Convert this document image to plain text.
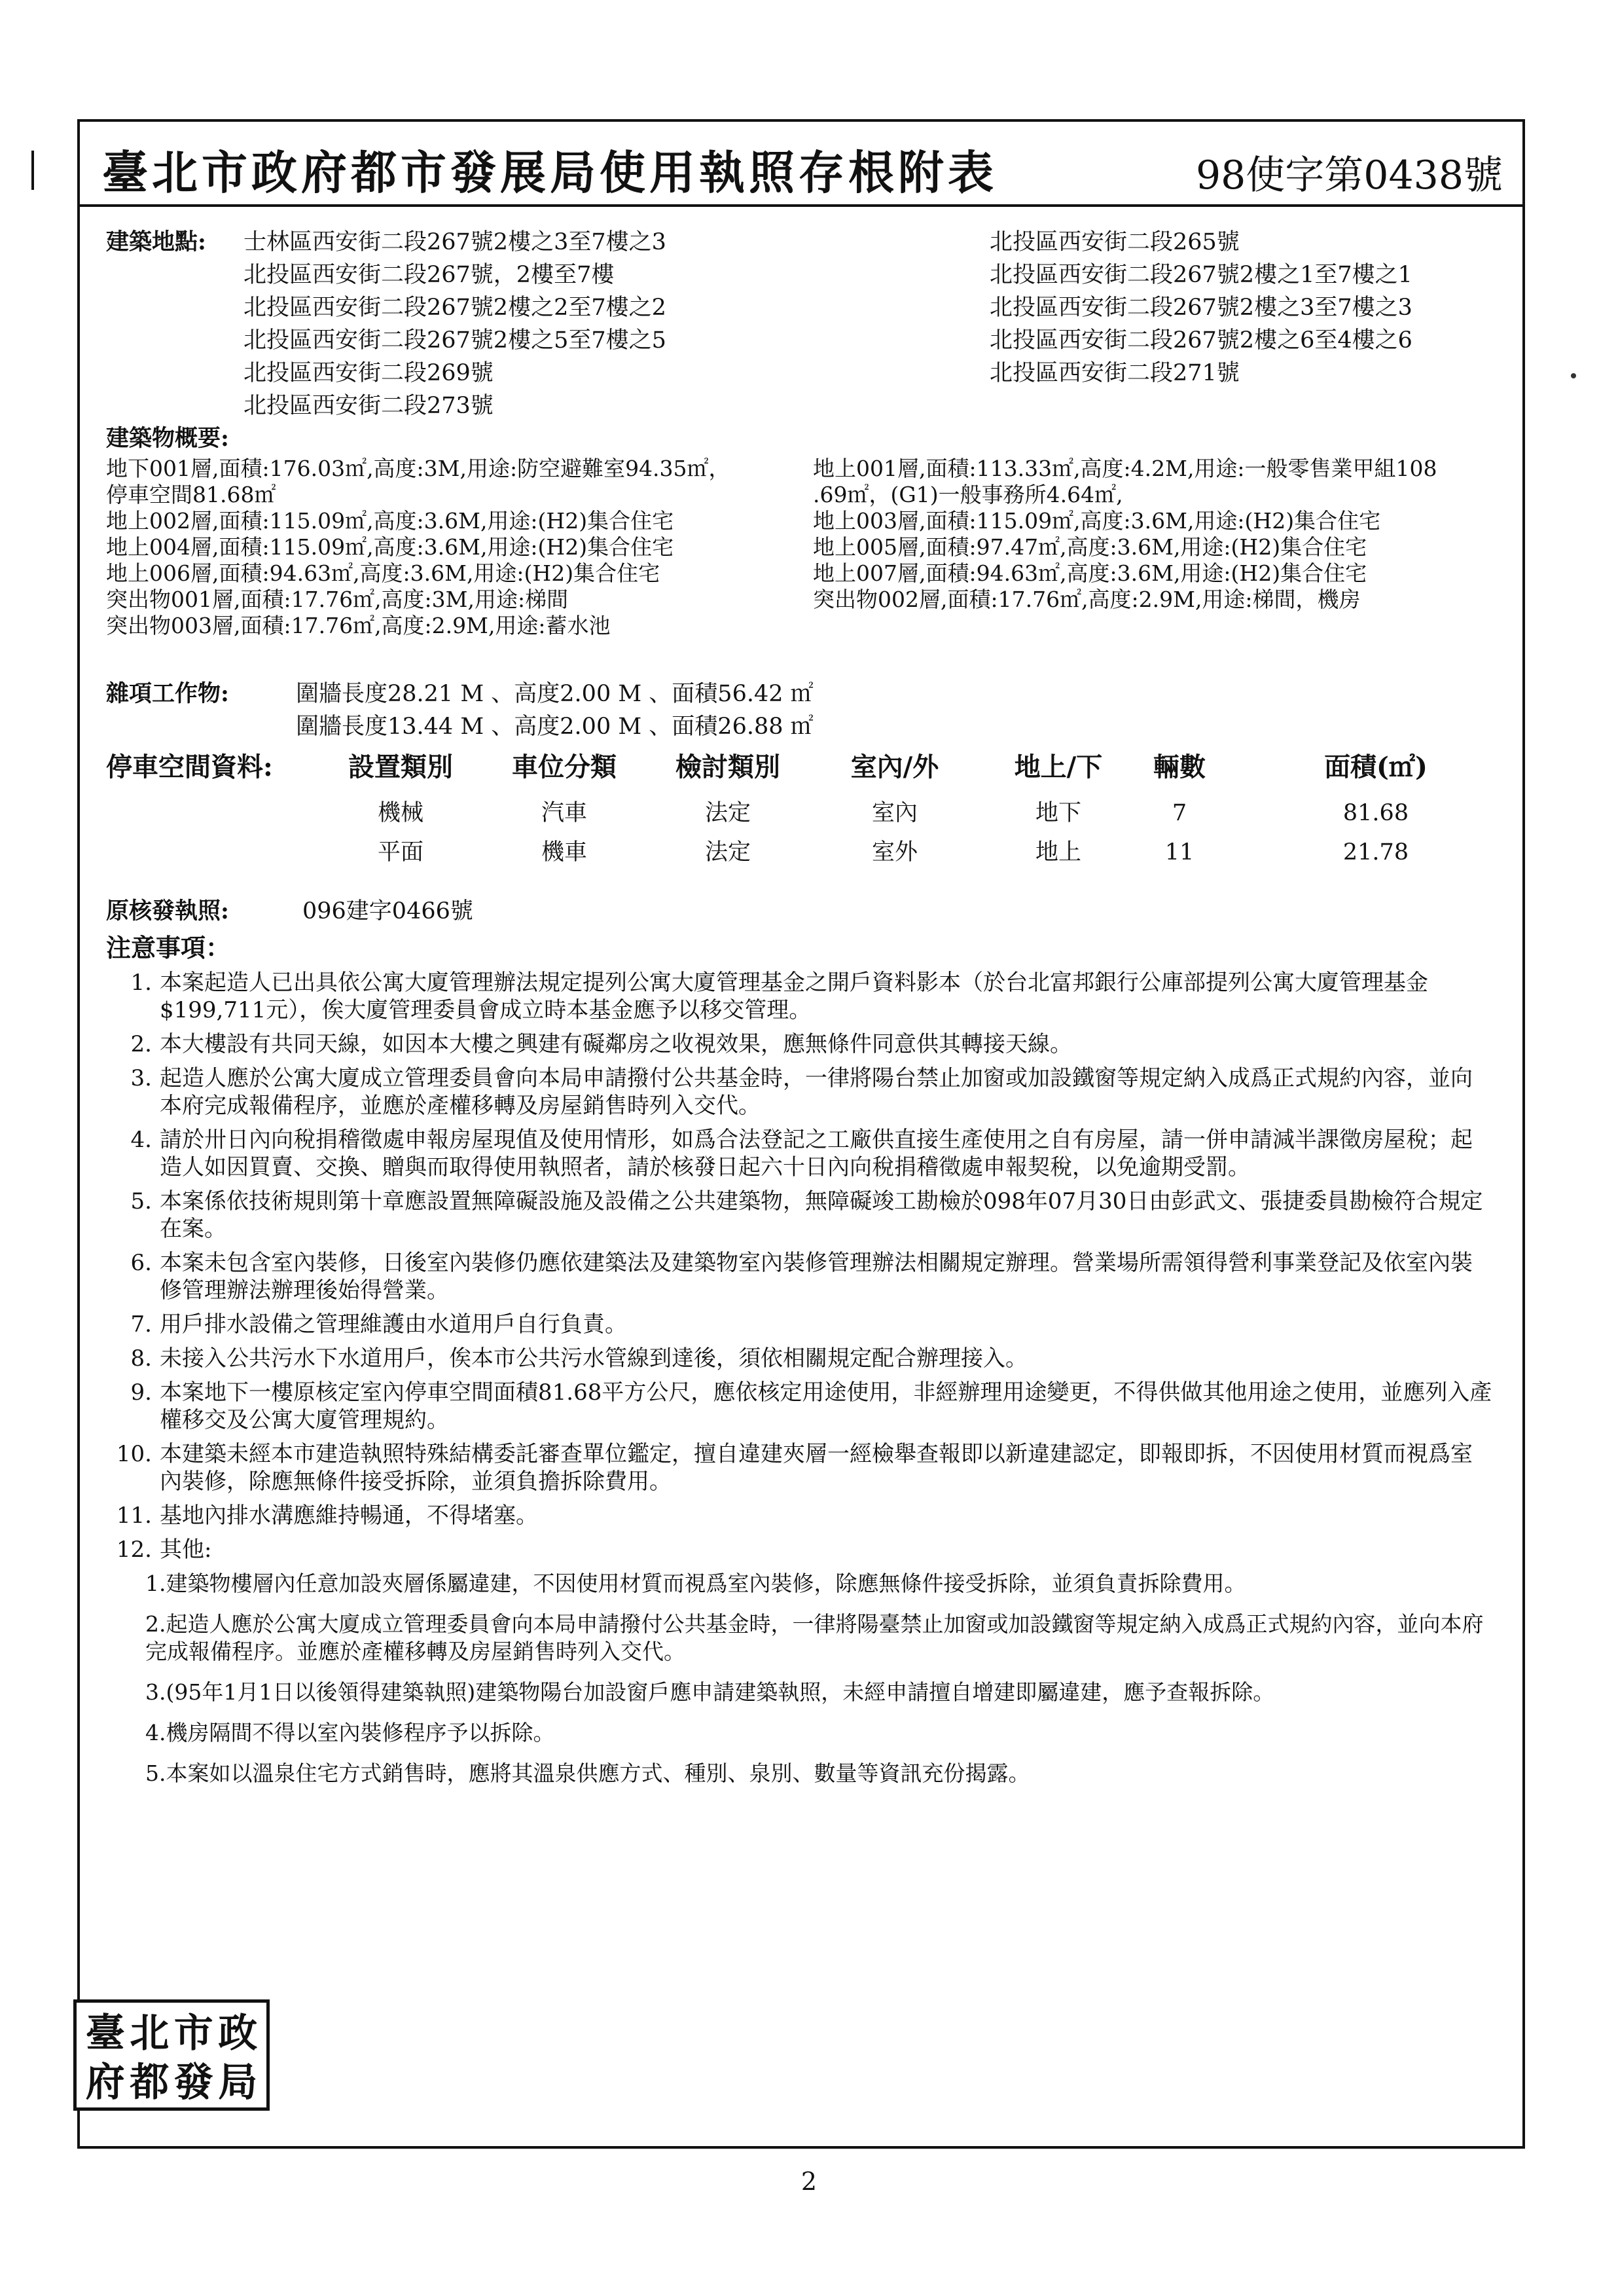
臺北市政府都市發展局使用執照存根附表	98使字第0438號
建築地點: 士林區西安街二段267號2樓之3至7樓之3
北投區西安街二段267號，2樓至7樓
北投區西安街二段267號2樓之2至7樓之2
北投區西安街二段267號2樓之5至7樓之5
北投區西安街二段269號
北投區西安街二段273號
北投區西安街二段265號
北投區西安街二段267號2樓之1至7樓之1
北投區西安街二段267號2樓之3至7樓之3
北投區西安街二段267號2樓之6至4樓之6
北投區西安街二段271號
建築物概要:
地下001層,面積:176.03㎡,高度:3M,用途:防空避難室94.35㎡，
停車空間81.68㎡
地上002層,面積:115.09㎡,高度:3.6M,用途:(H2)集合住宅
地上004層,面積:115.09㎡,高度:3.6M,用途:(H2)集合住宅
地上006層,面積:94.63㎡,高度:3.6M,用途:(H2)集合住宅
突出物001層,面積:17.76㎡,高度:3M,用途:梯間
突出物003層,面積:17.76㎡,高度:2.9M,用途:蓄水池
地上001層,面積:113.33㎡,高度:4.2M,用途:一般零售業甲組108
.69㎡，(G1)一般事務所4.64㎡,
地上003層,面積:115.09㎡,高度:3.6M,用途:(H2)集合住宅
地上005層,面積:97.47㎡,高度:3.6M,用途:(H2)集合住宅
地上007層,面積:94.63㎡,高度:3.6M,用途:(H2)集合住宅
突出物002層,面積:17.76㎡,高度:2.9M,用途:梯間，機房
雜項工作物:	圍牆長度28.21 M 、高度2.00 M 、面積56.42 ㎡
圍牆長度13.44 M 、高度2.00 M 、面積26.88 ㎡
停車空間資料:	設置類別	車位分類	檢討類別	室內/外	地上/下	輛數	面積(㎡)
機械	汽車	法定	室內	地下	7	81.68
平面	機車	法定	室外	地上	11	21.78
原核發執照:	096建字0466號
注意事項：
1. 本案起造人已出具依公寓大廈管理辦法規定提列公寓大廈管理基金之開戶資料影本（於台北富邦銀行公庫部提列公寓大廈管理基金$199,711元），俟大廈管理委員會成立時本基金應予以移交管理。
2. 本大樓設有共同天線，如因本大樓之興建有礙鄰房之收視效果，應無條件同意供其轉接天線。
3. 起造人應於公寓大廈成立管理委員會向本局申請撥付公共基金時，一律將陽台禁止加窗或加設鐵窗等規定納入成爲正式規約內容，並向本府完成報備程序，並應於產權移轉及房屋銷售時列入交代。
4. 請於卅日內向稅捐稽徵處申報房屋現值及使用情形，如爲合法登記之工廠供直接生產使用之自有房屋，請一併申請減半課徵房屋稅；起造人如因買賣、交換、贈與而取得使用執照者，請於核發日起六十日內向稅捐稽徵處申報契稅，以免逾期受罰。
5. 本案係依技術規則第十章應設置無障礙設施及設備之公共建築物，無障礙竣工勘檢於098年07月30日由彭武文、張捷委員勘檢符合規定在案。
6. 本案未包含室內裝修，日後室內裝修仍應依建築法及建築物室內裝修管理辦法相關規定辦理。營業場所需領得營利事業登記及依室內裝修管理辦法辦理後始得營業。
7. 用戶排水設備之管理維護由水道用戶自行負責。
8. 未接入公共污水下水道用戶，俟本市公共污水管線到達後，須依相關規定配合辦理接入。
9. 本案地下一樓原核定室內停車空間面積81.68平方公尺，應依核定用途使用，非經辦理用途變更，不得供做其他用途之使用，並應列入產權移交及公寓大廈管理規約。
10. 本建築未經本市建造執照特殊結構委託審查單位鑑定，擅自違建夾層一經檢舉查報即以新違建認定，即報即拆，不因使用材質而視爲室內裝修，除應無條件接受拆除，並須負擔拆除費用。
11. 基地內排水溝應維持暢通，不得堵塞。
12. 其他:
1.建築物樓層內任意加設夾層係屬違建，不因使用材質而視爲室內裝修，除應無條件接受拆除，並須負責拆除費用。
2.起造人應於公寓大廈成立管理委員會向本局申請撥付公共基金時，一律將陽臺禁止加窗或加設鐵窗等規定納入成爲正式規約內容，並向本府完成報備程序。並應於產權移轉及房屋銷售時列入交代。
3.(95年1月1日以後領得建築執照)建築物陽台加設窗戶應申請建築執照，未經申請擅自增建即屬違建，應予查報拆除。
4.機房隔間不得以室內裝修程序予以拆除。
5.本案如以溫泉住宅方式銷售時，應將其溫泉供應方式、種別、泉別、數量等資訊充份揭露。
臺 北 市 政
府 都 發 局
2
